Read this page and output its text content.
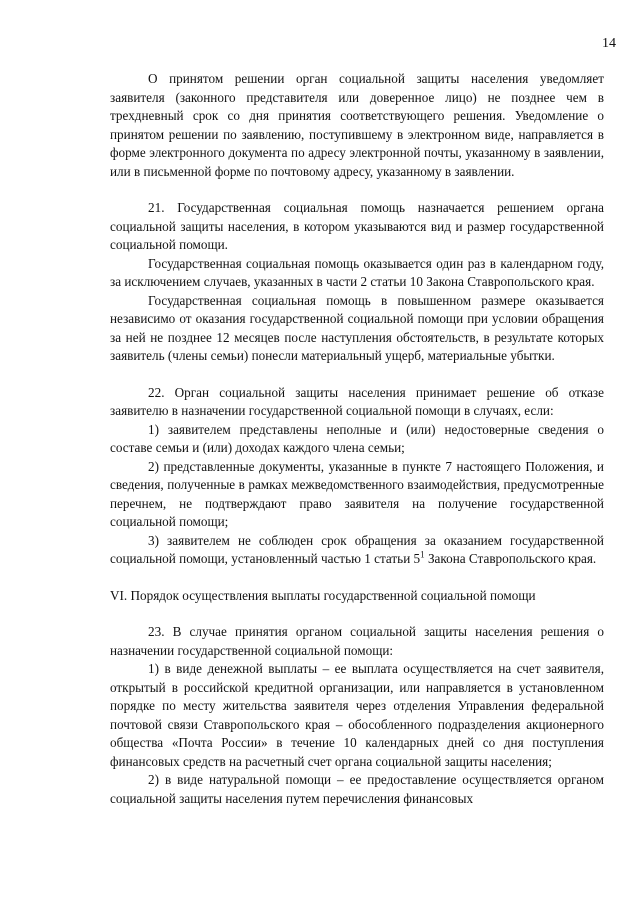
14

О принятом решении орган социальной защиты населения уведомляет заявителя (законного представителя или доверенное лицо) не позднее чем в трехдневный срок со дня принятия соответствующего решения. Уведомление о принятом решении по заявлению, поступившему в электронном виде, направляется в форме электронного документа по адресу электронной почты, указанному в заявлении, или в письменной форме по почтовому адресу, указанному в заявлении.

21. Государственная социальная помощь назначается решением органа социальной защиты населения, в котором указываются вид и размер государственной социальной помощи.

Государственная социальная помощь оказывается один раз в календарном году, за исключением случаев, указанных в части 2 статьи 10 Закона Ставропольского края.

Государственная социальная помощь в повышенном размере оказывается независимо от оказания государственной социальной помощи при условии обращения за ней не позднее 12 месяцев после наступления обстоятельств, в результате которых заявитель (члены семьи) понесли материальный ущерб, материальные убытки.

22. Орган социальной защиты населения принимает решение об отказе заявителю в назначении государственной социальной помощи в случаях, если:

1) заявителем представлены неполные и (или) недостоверные сведения о составе семьи и (или) доходах каждого члена семьи;

2) представленные документы, указанные в пункте 7 настоящего Положения, и сведения, полученные в рамках межведомственного взаимодействия, предусмотренные перечнем, не подтверждают право заявителя на получение государственной социальной помощи;

3) заявителем не соблюден срок обращения за оказанием государственной социальной помощи, установленный частью 1 статьи $5^1$ Закона Ставропольского края.

VI. Порядок осуществления выплаты государственной социальной помощи

23. В случае принятия органом социальной защиты населения решения о назначении государственной социальной помощи:

1) в виде денежной выплаты – ее выплата осуществляется на счет заявителя, открытый в российской кредитной организации, или направляется в установленном порядке по месту жительства заявителя через отделения Управления федеральной почтовой связи Ставропольского края – обособленного подразделения акционерного общества «Почта России» в течение 10 календарных дней со дня поступления финансовых средств на расчетный счет органа социальной защиты населения;

2) в виде натуральной помощи – ее предоставление осуществляется органом социальной защиты населения путем перечисления финансовых
